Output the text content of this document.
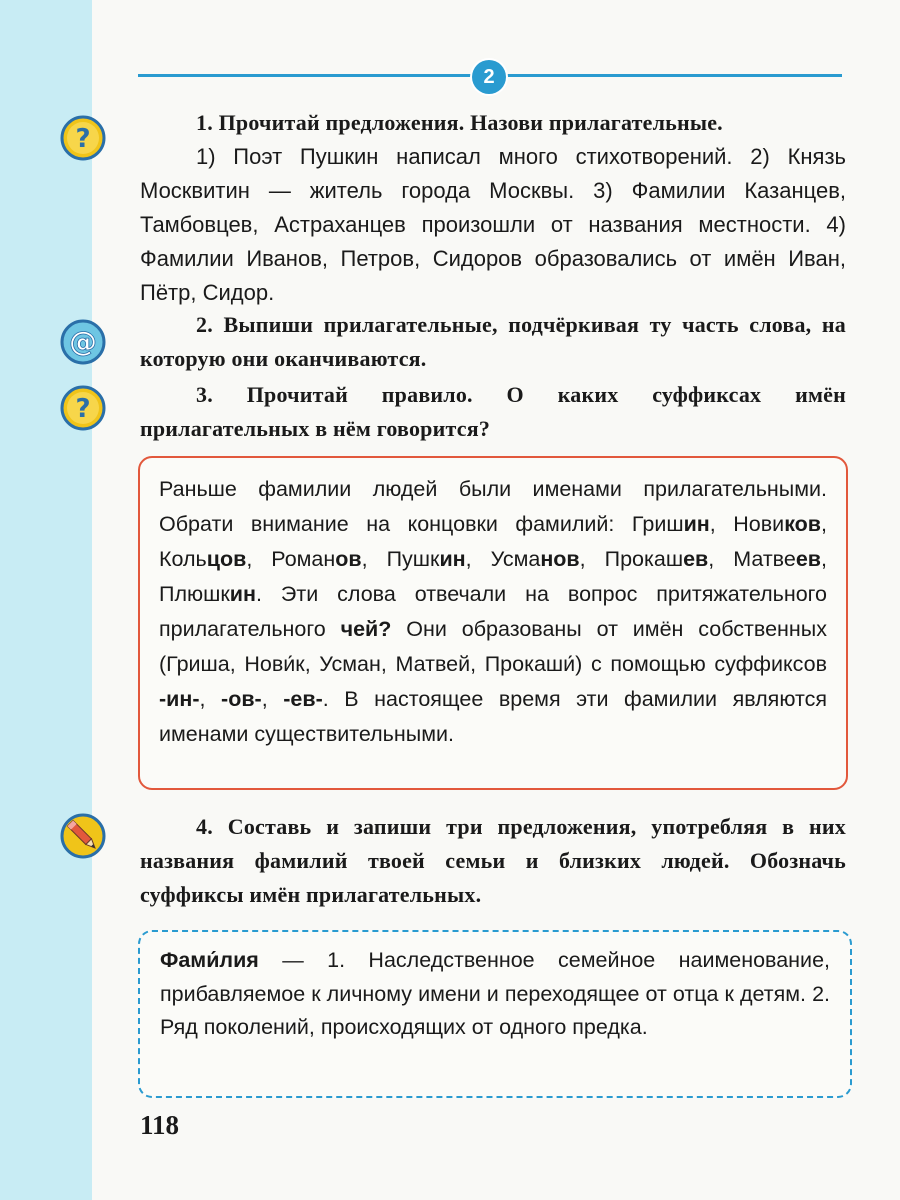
2
?
@
?

1. Прочитай предложения. Назови прилагательные.

1) Поэт Пушкин написал много стихотворений. 2) Князь Москвитин — житель города Москвы. 3) Фамилии Казанцев, Тамбовцев, Астраханцев произошли от названия местности. 4) Фамилии Иванов, Петров, Сидоров образовались от имён Иван, Пётр, Сидор.

2. Выпиши прилагательные, подчёркивая ту часть слова, на которую они оканчиваются.

3. Прочитай правило. О каких суффиксах имён прилагательных в нём говорится?

Раньше фамилии людей были именами прилагательными. Обрати внимание на концовки фамилий: Гришин, Новиков, Кольцов, Романов, Пушкин, Усманов, Прокашев, Матвеев, Плюшкин. Эти слова отвечали на вопрос притяжательного прилагательного чей? Они образованы от имён собственных (Гриша, Нови́к, Усман, Матвей, Прокаши́) с помощью суффиксов -ин-, -ов-, -ев-. В настоящее время эти фамилии являются именами существительными.

4. Составь и запиши три предложения, употребляя в них названия фамилий твоей семьи и близких людей. Обозначь суффиксы имён прилагательных.

Фами́лия — 1. Наследственное семейное наименование, прибавляемое к личному имени и переходящее от отца к детям. 2. Ряд поколений, происходящих от одного предка.

118
